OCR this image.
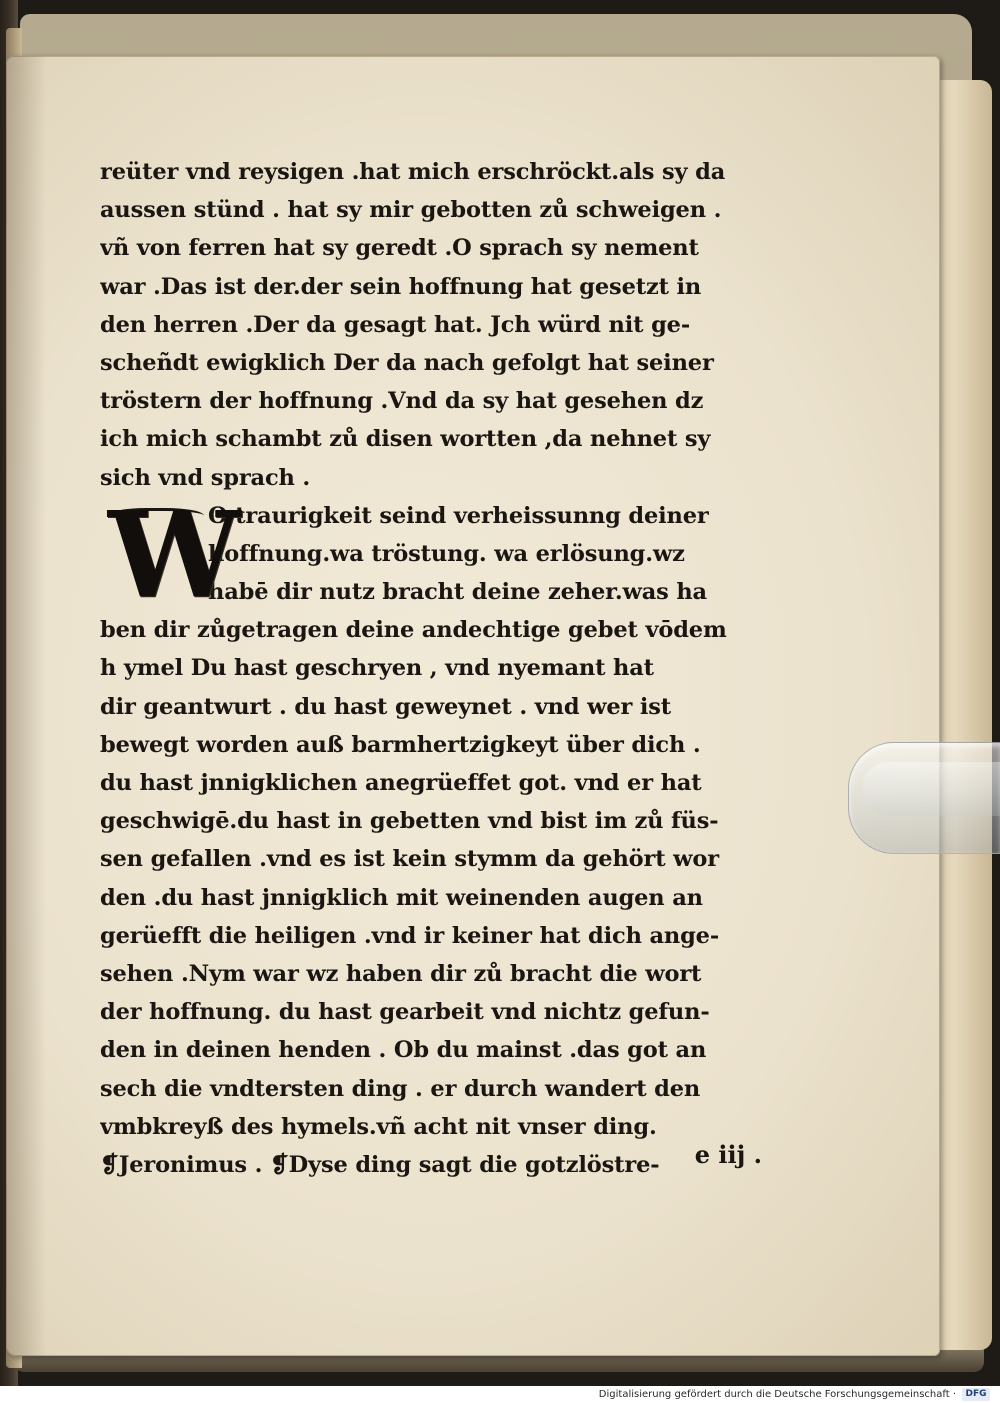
reüter vnd reysigen .hat mich erschröckt.als sy da
aussen stünd . hat sy mir gebotten zů schweigen .
vñ von ferren hat sy geredt .O sprach sy nement
war .Das ist der.der sein hoffnung hat gesetzt in
den herren .Der da gesagt hat. Jch würd nit ge-
scheñdt ewigklich Der da nach gefolgt hat seiner
tröstern der hoffnung .Vnd da sy hat gesehen dz
ich mich schambt zů disen wortten ,da nehnet sy
sich vnd sprach .
O traurigkeit seind verheissunng deiner
hoffnung.wa tröstung. wa erlösung.wz
habē dir nutz bracht deine zeher.was ha
ben dir zůgetragen deine andechtige gebet vōdem
h ymel Du hast geschryen , vnd nyemant hat
dir geantwurt . du hast geweynet . vnd wer ist
bewegt worden auß barmhertzigkeyt über dich .
du hast jnnigklichen anegrüeffet got. vnd er hat
geschwigē.du hast in gebetten vnd bist im zů füs-
sen gefallen .vnd es ist kein stymm da gehört wor
den .du hast jnnigklich mit weinenden augen an
gerüefft die heiligen .vnd ir keiner hat dich ange-
sehen .Nym war wz haben dir zů bracht die wort
der hoffnung. du hast gearbeit vnd nichtz gefun-
den in deinen henden . Ob du mainst .das got an
sech die vndtersten ding . er durch wandert den
vmbkreyß des hymels.vñ acht nit vnser ding.
❡Jeronimus . ❡Dyse ding sagt die gotzlöstre-
W
e iij .
Digitalisierung gefördert durch die Deutsche Forschungsgemeinschaft ·	DFG
